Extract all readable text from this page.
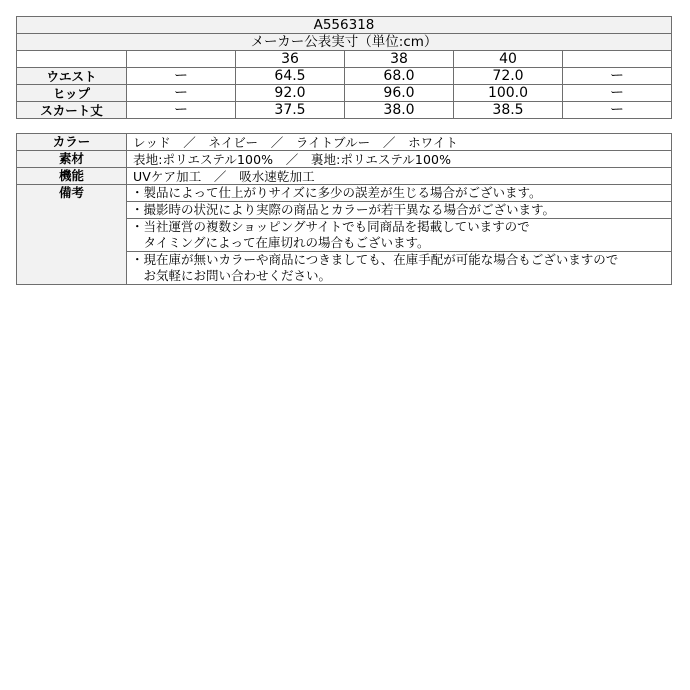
A556318					
メーカー公表実寸（単位:cm）					
		36	38	40	
ウエスト	ー	64.5	68.0	72.0	ー
ヒップ	ー	92.0	96.0	100.0	ー
スカート丈	ー	37.5	38.0	38.5	ー
カラー	レッド　／　ネイビー　／　ライトブルー　／　ホワイト
素材	表地:ポリエステル100%　／　裏地:ポリエステル100%
機能	UVケア加工　／　吸水速乾加工
備考	・製品によって仕上がりサイズに多少の誤差が生じる場合がございます。

	・撮影時の状況により実際の商品とカラーが若干異なる場合がございます。

	・当社運営の複数ショッピングサイトでも同商品を掲載していますので
　タイミングによって在庫切れの場合もございます。

	・現在庫が無いカラーや商品につきましても、在庫手配が可能な場合もございますので
　お気軽にお問い合わせください。
